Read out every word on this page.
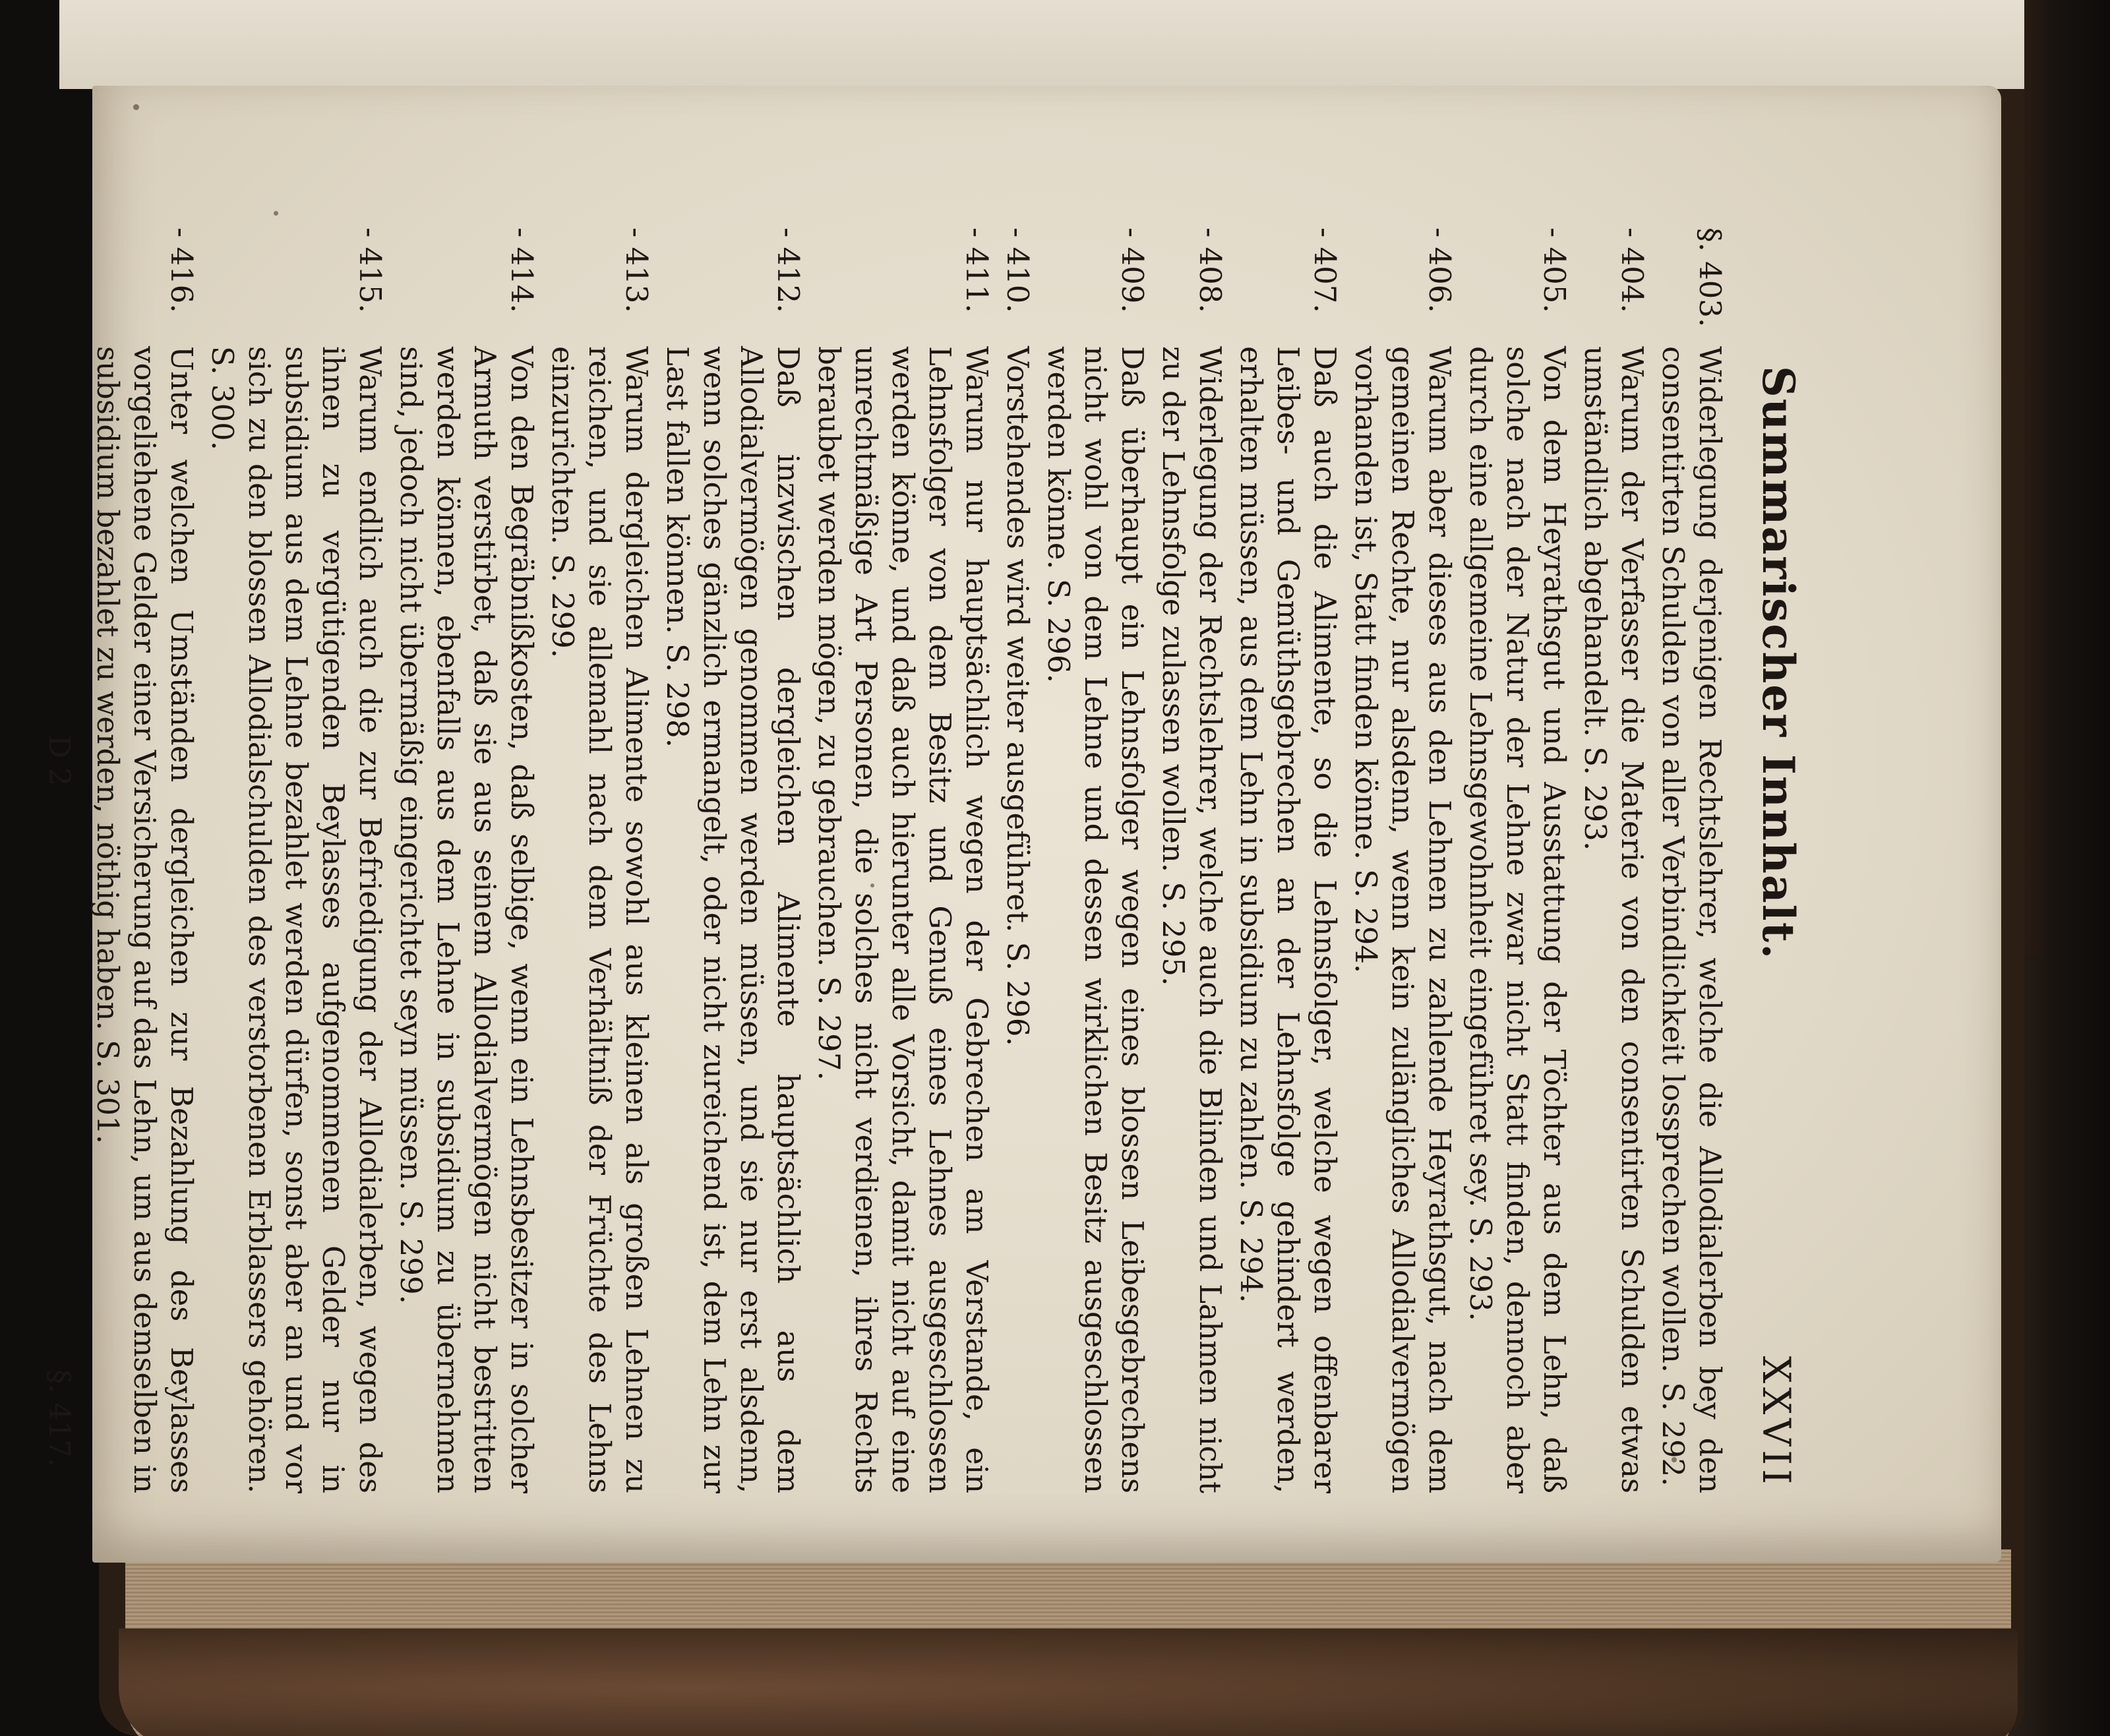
Summarischer Innhalt.
XXVII
§. 403.
Widerlegung derjenigen Rechtslehrer, welche die Allodialerben bey den consentirten Schulden von aller Verbindlichkeit lossprechen wollen. S. 292.
- 404.
Warum der Verfasser die Materie von den consentirten Schulden etwas umständlich abgehandelt. S. 293.
- 405.
Von dem Heyrathsgut und Ausstattung der Töchter aus dem Lehn, daß solche nach der Natur der Lehne zwar nicht Statt finden, dennoch aber durch eine allgemeine Lehnsgewohnheit eingeführet sey. S. 293.
- 406.
Warum aber dieses aus den Lehnen zu zahlende Heyrathsgut, nach dem gemeinen Rechte, nur alsdenn, wenn kein zulängliches Allodialvermögen vorhanden ist, Statt finden könne. S. 294.
- 407.
Daß auch die Alimente, so die Lehnsfolger, welche wegen offenbarer Leibes- und Gemüthsgebrechen an der Lehnsfolge gehindert werden, erhalten müssen, aus dem Lehn in subsidium zu zahlen. S. 294.
- 408.
Widerlegung der Rechtslehrer, welche auch die Blinden und Lahmen nicht zu der Lehnsfolge zulassen wollen. S. 295.
- 409.
Daß überhaupt ein Lehnsfolger wegen eines blossen Leibesgebrechens nicht wohl von dem Lehne und dessen wirklichen Besitz ausgeschlossen werden könne. S. 296.
- 410.
Vorstehendes wird weiter ausgeführet. S. 296.
- 411.
Warum nur hauptsächlich wegen der Gebrechen am Verstande, ein Lehnsfolger von dem Besitz und Genuß eines Lehnes ausgeschlossen werden könne, und daß auch hierunter alle Vorsicht, damit nicht auf eine unrechtmäßige Art Personen, die solches nicht verdienen, ihres Rechts beraubet werden mögen, zu gebrauchen. S. 297.
- 412.
Daß inzwischen dergleichen Alimente hauptsächlich aus dem Allodialvermögen genommen werden müssen, und sie nur erst alsdenn, wenn solches gänzlich ermangelt, oder nicht zureichend ist, dem Lehn zur Last fallen können. S. 298.
- 413.
Warum dergleichen Alimente sowohl aus kleinen als großen Lehnen zu reichen, und sie allemahl nach dem Verhältniß der Früchte des Lehns einzurichten. S. 299.
- 414.
Von den Begräbnißkosten, daß selbige, wenn ein Lehnsbesitzer in solcher Armuth verstirbet, daß sie aus seinem Allodialvermögen nicht bestritten werden können, ebenfalls aus dem Lehne in subsidium zu übernehmen sind, jedoch nicht übermäßig eingerichtet seyn müssen. S. 299.
- 415.
Warum endlich auch die zur Befriedigung der Allodialerben, wegen des ihnen zu vergütigenden Beylasses aufgenommenen Gelder nur in subsidium aus dem Lehne bezahlet werden dürfen, sonst aber an und vor sich zu den blossen Allodialschulden des verstorbenen Erblassers gehören. S. 300.
- 416.
Unter welchen Umständen dergleichen zur Bezahlung des Beylasses vorgeliehene Gelder einer Versicherung auf das Lehn, um aus demselben in subsidium bezahlet zu werden, nöthig haben. S. 301.
D 2
§. 417.
